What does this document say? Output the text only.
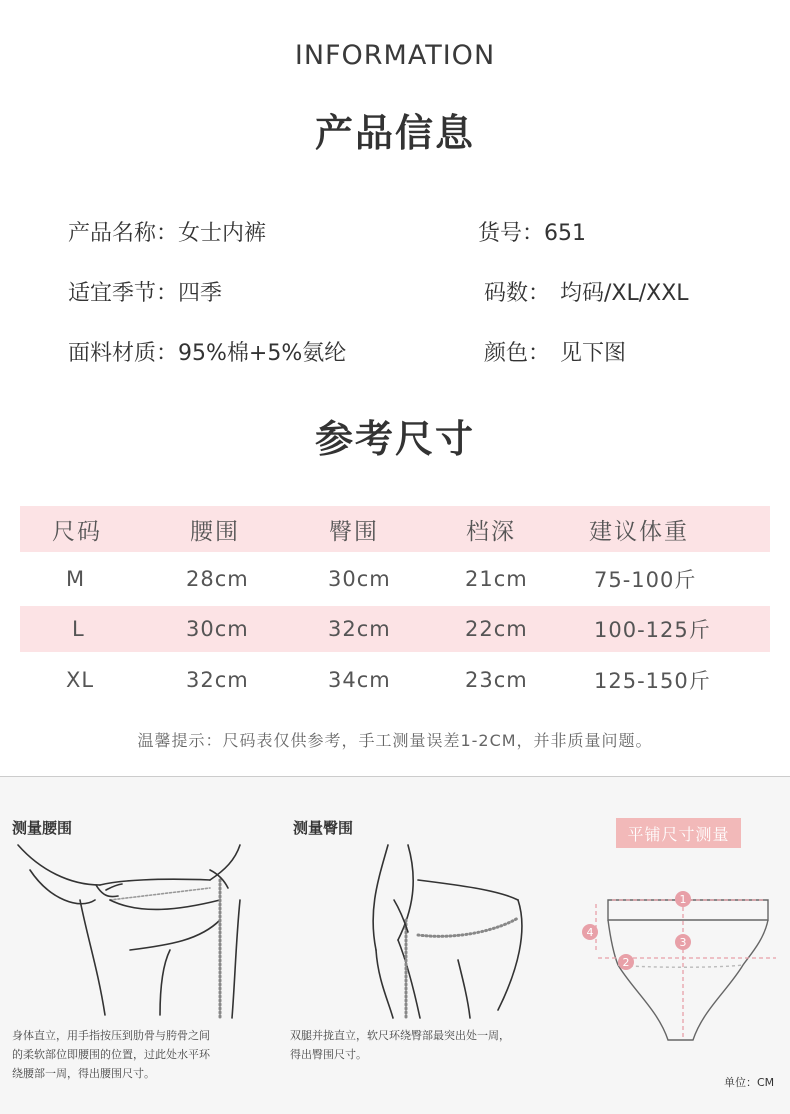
INFORMATION
产品信息
产品名称：女士内裤	货号：651
适宜季节：四季	码数： 均码/XL/XXL
面料材质：95%棉+5%氨纶	颜色： 见下图
参考尺寸
尺码	腰围	臀围	档深	建议体重
M	28cm	30cm	21cm	75-100斤
L	30cm	32cm	22cm	100-125斤
XL	32cm	34cm	23cm	125-150斤
温馨提示：尺码表仅供参考，手工测量误差1-2CM，并非质量问题。
测量腰围	测量臀围	平铺尺寸测量
1
2
3
4
身体直立，用手指按压到肋骨与胯骨之间
的柔软部位即腰围的位置，过此处水平环
绕腰部一周，得出腰围尺寸。
双腿并拢直立，软尺环绕臀部最突出处一周，
得出臀围尺寸。
单位：CM
